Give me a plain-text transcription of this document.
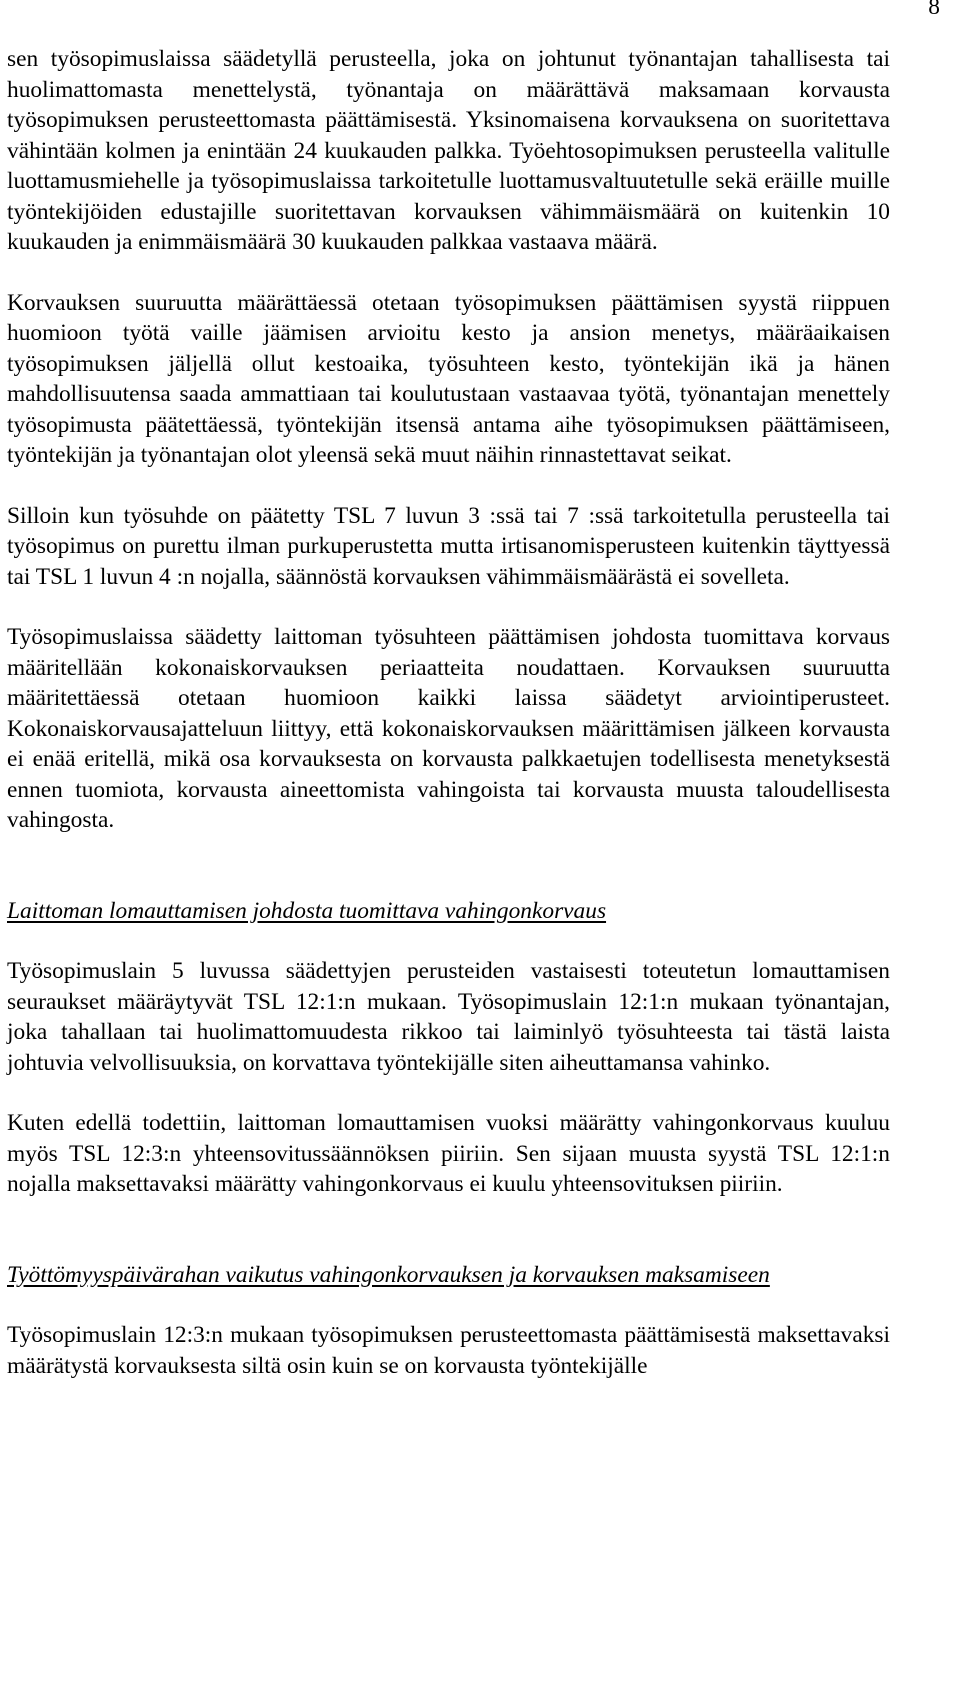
8

sen työsopimuslaissa säädetyllä perusteella, joka on johtunut työnantajan tahallisesta tai huolimattomasta menettelystä, työnantaja on määrättävä maksamaan korvausta työsopimuksen perusteettomasta päättämisestä. Yksinomaisena korvauksena on suoritettava vähintään kolmen ja enintään 24 kuukauden palkka. Työehtosopimuksen perusteella valitulle luottamusmiehelle ja työsopimuslaissa tarkoitetulle luottamusvaltuutetulle sekä eräille muille työntekijöiden edustajille suoritettavan korvauksen vähimmäismäärä on kuitenkin 10 kuukauden ja enimmäismäärä 30 kuukauden palkkaa vastaava määrä.

Korvauksen suuruutta määrättäessä otetaan työsopimuksen päättämisen syystä riippuen huomioon työtä vaille jäämisen arvioitu kesto ja ansion menetys, määräaikaisen työsopimuksen jäljellä ollut kestoaika, työsuhteen kesto, työntekijän ikä ja hänen mahdollisuutensa saada ammattiaan tai koulutustaan vastaavaa työtä, työnantajan menettely työsopimusta päätettäessä, työntekijän itsensä antama aihe työsopimuksen päättämiseen, työntekijän ja työnantajan olot yleensä sekä muut näihin rinnastettavat seikat.

Silloin kun työsuhde on päätetty TSL 7 luvun 3 :ssä tai 7 :ssä tarkoitetulla perusteella tai työsopimus on purettu ilman purkuperustetta mutta irtisanomisperusteen kuitenkin täyttyessä tai TSL 1 luvun 4 :n nojalla, säännöstä korvauksen vähimmäismäärästä ei sovelleta.

Työsopimuslaissa säädetty laittoman työsuhteen päättämisen johdosta tuomittava korvaus määritellään kokonaiskorvauksen periaatteita noudattaen. Korvauksen suuruutta määritettäessä otetaan huomioon kaikki laissa säädetyt arviointiperusteet. Kokonaiskorvausajatteluun liittyy, että kokonaiskorvauksen määrittämisen jälkeen korvausta ei enää eritellä, mikä osa korvauksesta on korvausta palkkaetujen todellisesta menetyksestä ennen tuomiota, korvausta aineettomista vahingoista tai korvausta muusta taloudellisesta vahingosta.

Laittoman lomauttamisen johdosta tuomittava vahingonkorvaus

Työsopimuslain 5 luvussa säädettyjen perusteiden vastaisesti toteutetun lomauttamisen seuraukset määräytyvät TSL 12:1:n mukaan. Työsopimuslain 12:1:n mukaan työnantajan, joka tahallaan tai huolimattomuudesta rikkoo tai laiminlyö työsuhteesta tai tästä laista johtuvia velvollisuuksia, on korvattava työntekijälle siten aiheuttamansa vahinko.

Kuten edellä todettiin, laittoman lomauttamisen vuoksi määrätty vahingonkorvaus kuuluu myös TSL 12:3:n yhteensovitussäännöksen piiriin. Sen sijaan muusta syystä TSL 12:1:n nojalla maksettavaksi määrätty vahingonkorvaus ei kuulu yhteensovituksen piiriin.

Työttömyyspäivärahan vaikutus vahingonkorvauksen ja korvauksen maksamiseen

Työsopimuslain 12:3:n mukaan työsopimuksen perusteettomasta päättämisestä maksettavaksi määrätystä korvauksesta siltä osin kuin se on korvausta työntekijälle
